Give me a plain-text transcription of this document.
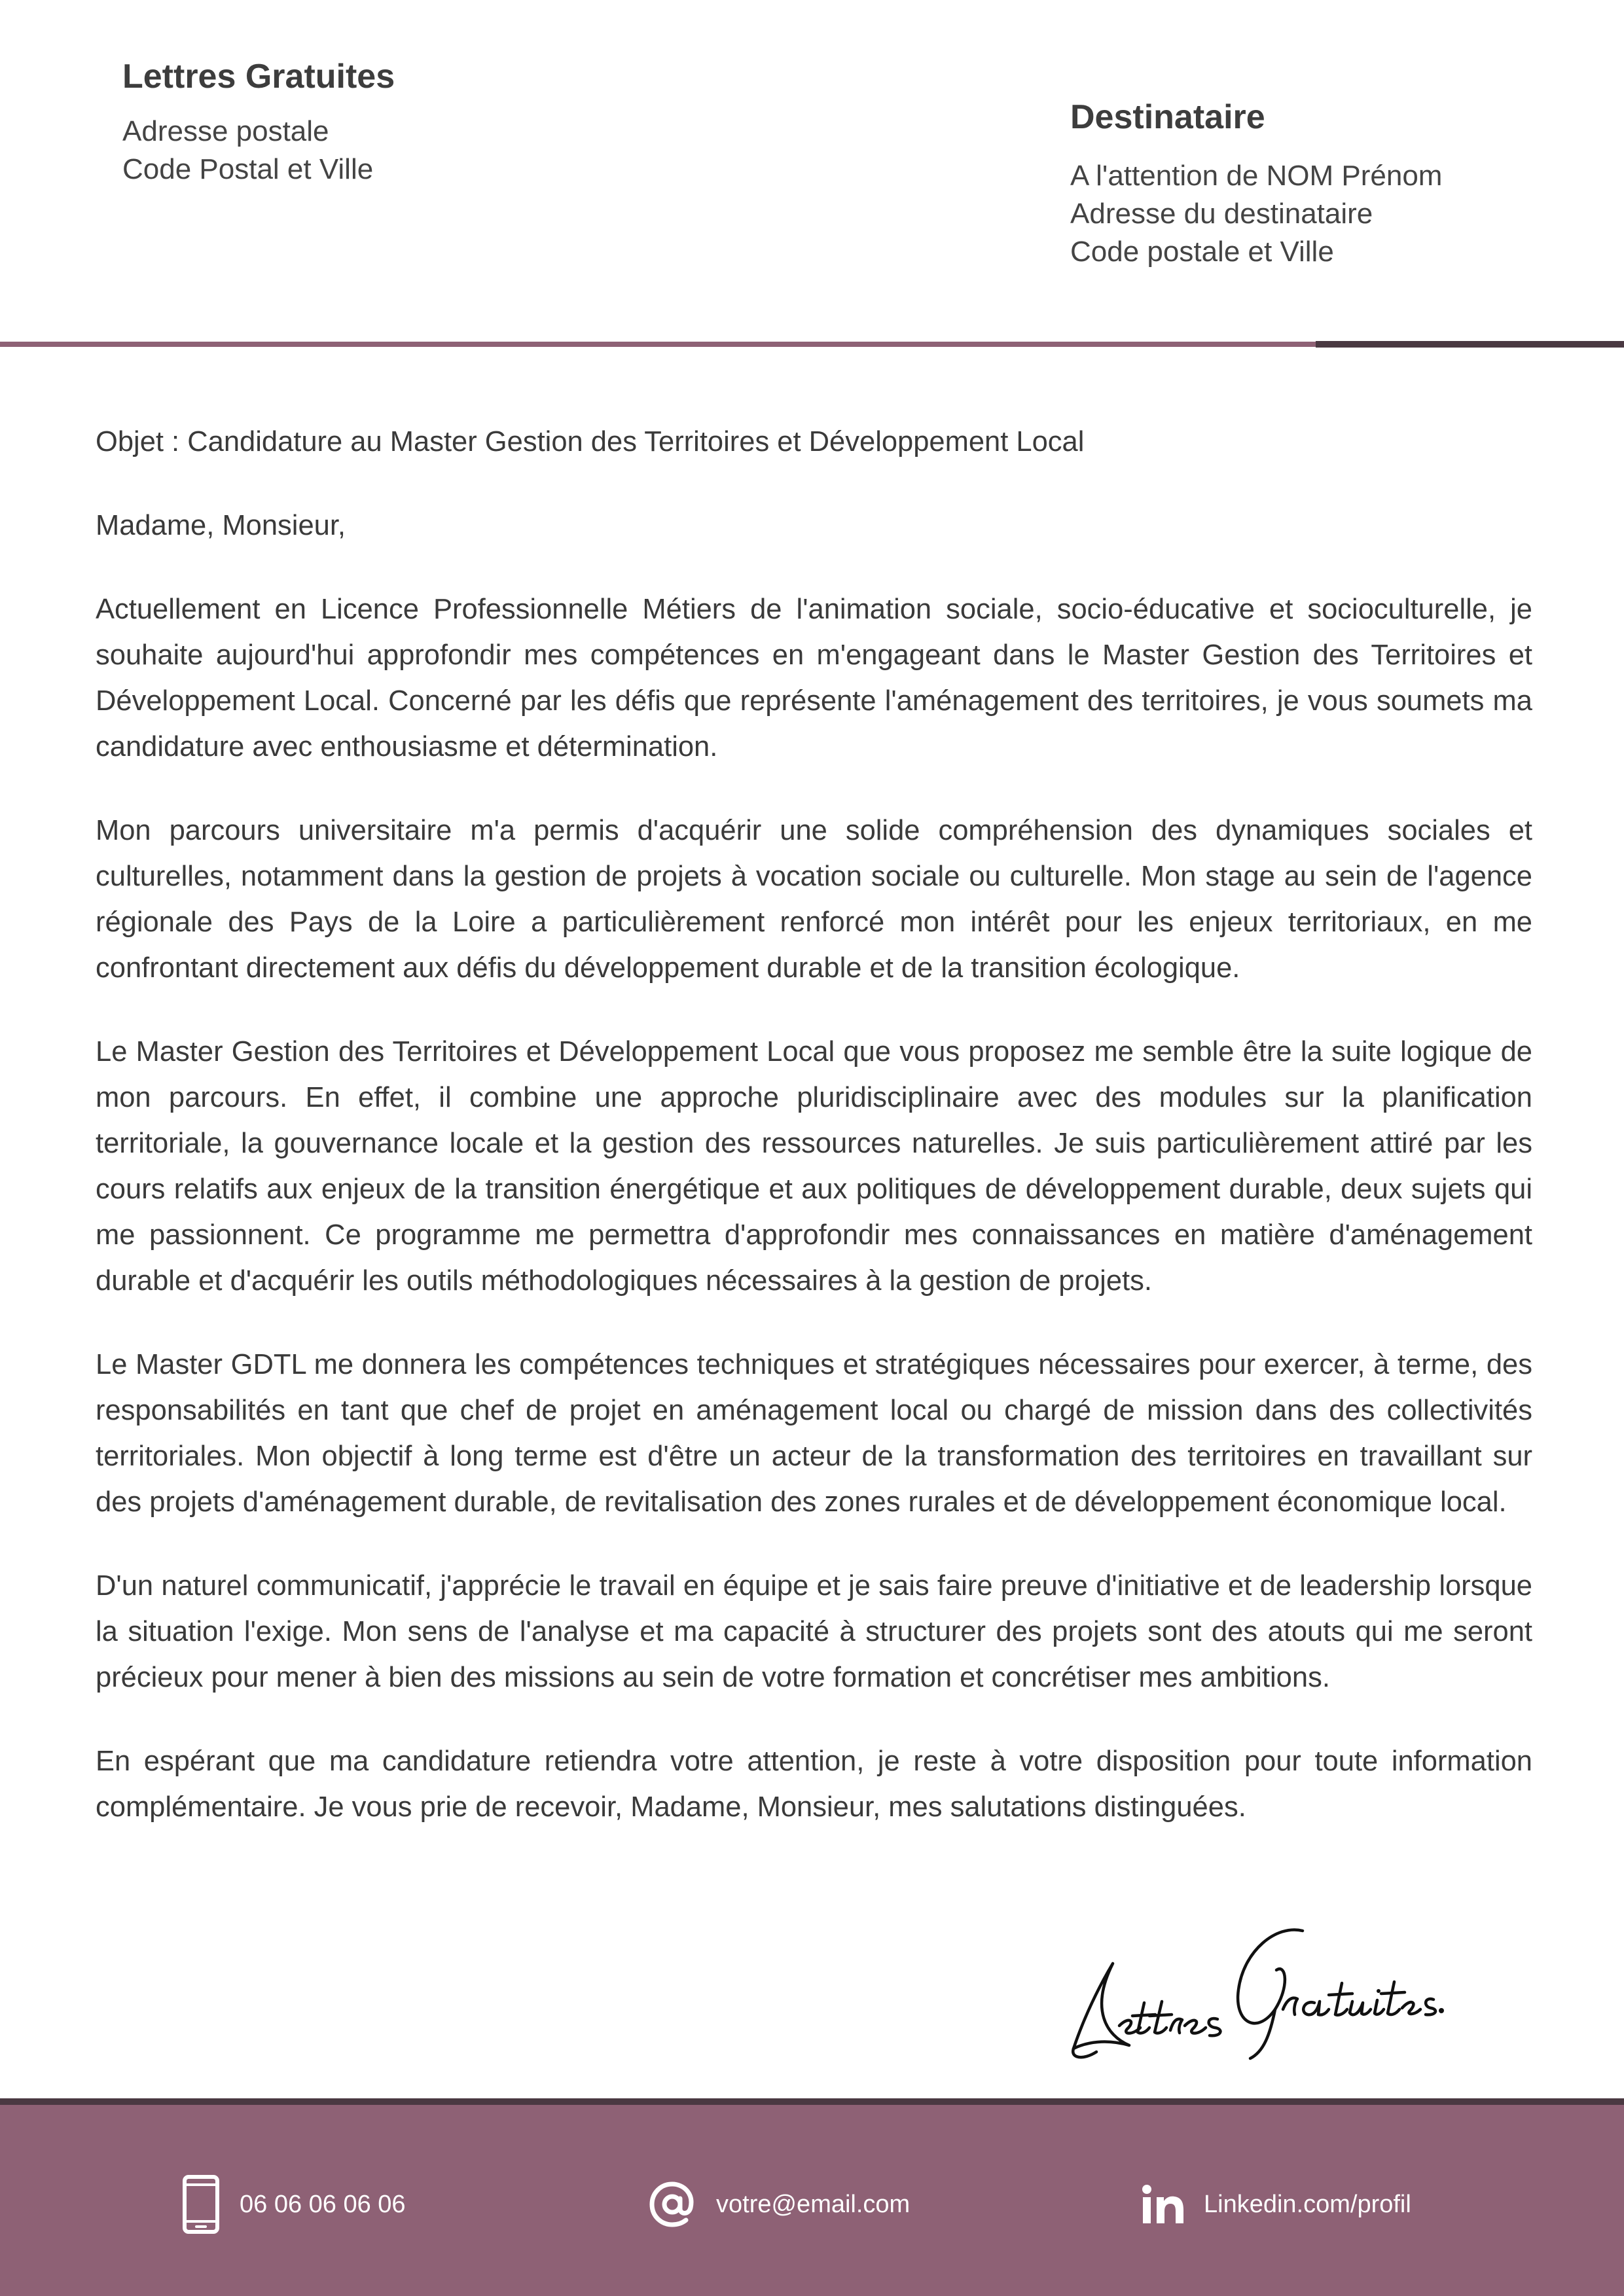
Lettres Gratuites
Adresse postale
Code Postal et Ville
Destinataire
A l'attention de NOM Prénom
Adresse du destinataire
Code postale et Ville

Objet : Candidature au Master Gestion des Territoires et Développement Local

Madame, Monsieur,

Actuellement en Licence Professionnelle Métiers de l'animation sociale, socio-éducative et socioculturelle, je souhaite aujourd'hui approfondir mes compétences en m'engageant dans le Master Gestion des Territoires et Développement Local. Concerné par les défis que représente l'aménagement des territoires, je vous soumets ma candidature avec enthousiasme et détermination.

Mon parcours universitaire m'a permis d'acquérir une solide compréhension des dynamiques sociales et culturelles, notamment dans la gestion de projets à vocation sociale ou culturelle. Mon stage au sein de l'agence régionale des Pays de la Loire a particulièrement renforcé mon intérêt pour les enjeux territoriaux, en me confrontant directement aux défis du développement durable et de la transition écologique.

Le Master Gestion des Territoires et Développement Local que vous proposez me semble être la suite logique de mon parcours. En effet, il combine une approche pluridisciplinaire avec des modules sur la planification territoriale, la gouvernance locale et la gestion des ressources naturelles. Je suis particulièrement attiré par les cours relatifs aux enjeux de la transition énergétique et aux politiques de développement durable, deux sujets qui me passionnent. Ce programme me permettra d'approfondir mes connaissances en matière d'aménagement durable et d'acquérir les outils méthodologiques nécessaires à la gestion de projets.

Le Master GDTL me donnera les compétences techniques et stratégiques nécessaires pour exercer, à terme, des responsabilités en tant que chef de projet en aménagement local ou chargé de mission dans des collectivités territoriales. Mon objectif à long terme est d'être un acteur de la transformation des territoires en travaillant sur des projets d'aménagement durable, de revitalisation des zones rurales et de développement économique local.

D'un naturel communicatif, j'apprécie le travail en équipe et je sais faire preuve d'initiative et de leadership lorsque la situation l'exige. Mon sens de l'analyse et ma capacité à structurer des projets sont des atouts qui me seront précieux pour mener à bien des missions au sein de votre formation et concrétiser mes ambitions.

En espérant que ma candidature retiendra votre attention, je reste à votre disposition pour toute information complémentaire. Je vous prie de recevoir, Madame, Monsieur, mes salutations distinguées.

06 06 06 06 06	votre@email.com	Linkedin.com/profil
